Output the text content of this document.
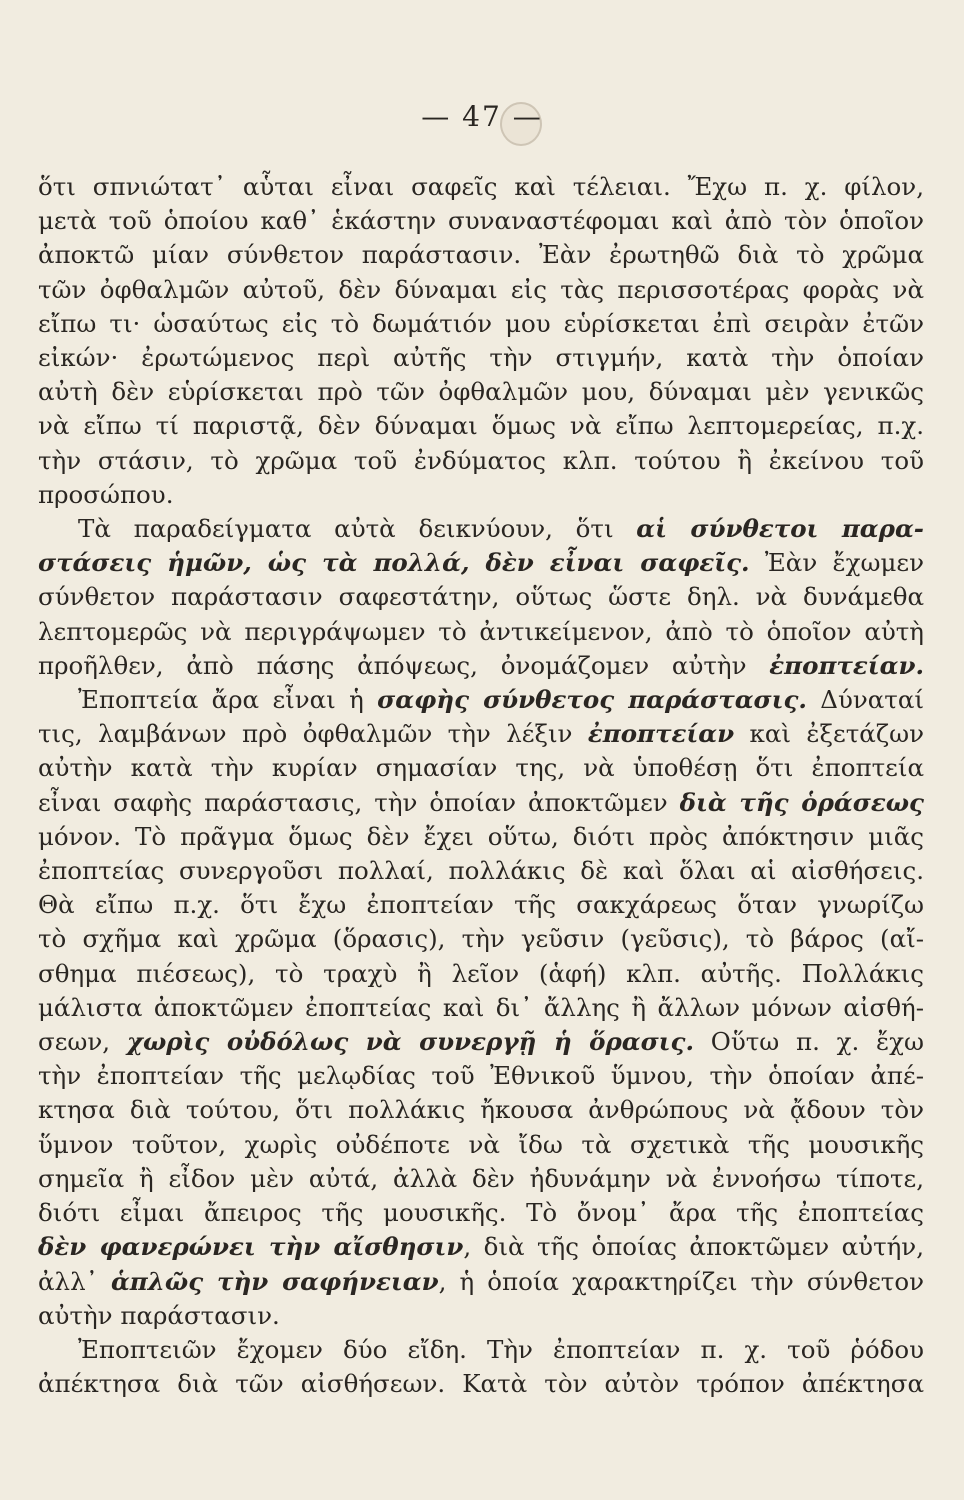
— 47 —
ὅτι σπνιώτατ᾽ αὗται εἶναι σαφεῖς καὶ τέλειαι. Ἔχω π. χ. φίλον,
μετὰ τοῦ ὁποίου καθ᾽ ἑκάστην συναναστέφομαι καὶ ἀπὸ τὸν ὁποῖον
ἀποκτῶ μίαν σύνθετον παράστασιν. Ἐὰν ἐρωτηθῶ διὰ τὸ χρῶμα
τῶν ὀφθαλμῶν αὐτοῦ, δὲν δύναμαι εἰς τὰς περισσοτέρας φορὰς νὰ
εἴπω τι· ὡσαύτως εἰς τὸ δωμάτιόν μου εὑρίσκεται ἐπὶ σειρὰν ἐτῶν
εἰκών· ἐρωτώμενος περὶ αὐτῆς τὴν στιγμήν, κατὰ τὴν ὁποίαν
αὐτὴ δὲν εὑρίσκεται πρὸ τῶν ὀφθαλμῶν μου, δύναμαι μὲν γενικῶς
νὰ εἴπω τί παριστᾷ, δὲν δύναμαι ὅμως νὰ εἴπω λεπτομερείας, π.χ.
τὴν στάσιν, τὸ χρῶμα τοῦ ἐνδύματος κλπ. τούτου ἢ ἐκείνου τοῦ
προσώπου.
Τὰ παραδείγματα αὐτὰ δεικνύουν, ὅτι αἱ σύνθετοι παρα-
στάσεις ἡμῶν, ὡς τὰ πολλά, δὲν εἶναι σαφεῖς. Ἐὰν ἔχωμεν
σύνθετον παράστασιν σαφεστάτην, οὕτως ὥστε δηλ. νὰ δυνάμεθα
λεπτομερῶς νὰ περιγράψωμεν τὸ ἀντικείμενον, ἀπὸ τὸ ὁποῖον αὐτὴ
προῆλθεν, ἀπὸ πάσης ἀπόψεως, ὀνομάζομεν αὐτὴν ἐποπτείαν.
Ἐποπτεία ἄρα εἶναι ἡ σαφὴς σύνθετος παράστασις. Δύναταί
τις, λαμβάνων πρὸ ὀφθαλμῶν τὴν λέξιν ἐποπτείαν καὶ ἐξετάζων
αὐτὴν κατὰ τὴν κυρίαν σημασίαν της, νὰ ὑποθέσῃ ὅτι ἐποπτεία
εἶναι σαφὴς παράστασις, τὴν ὁποίαν ἀποκτῶμεν διὰ τῆς ὁράσεως
μόνον. Τὸ πρᾶγμα ὅμως δὲν ἔχει οὕτω, διότι πρὸς ἀπόκτησιν μιᾶς
ἐποπτείας συνεργοῦσι πολλαί, πολλάκις δὲ καὶ ὅλαι αἱ αἰσθήσεις.
Θὰ εἴπω π.χ. ὅτι ἔχω ἐποπτείαν τῆς σακχάρεως ὅταν γνωρίζω
τὸ σχῆμα καὶ χρῶμα (ὅρασις), τὴν γεῦσιν (γεῦσις), τὸ βάρος (αἴ-
σθημα πιέσεως), τὸ τραχὺ ἢ λεῖον (ἁφή) κλπ. αὐτῆς. Πολλάκις
μάλιστα ἀποκτῶμεν ἐποπτείας καὶ δι᾽ ἄλλης ἢ ἄλλων μόνων αἰσθή-
σεων, χωρὶς οὐδόλως νὰ συνεργῇ ἡ ὅρασις. Οὕτω π. χ. ἔχω
τὴν ἐποπτείαν τῆς μελῳδίας τοῦ Ἐθνικοῦ ὕμνου, τὴν ὁποίαν ἀπέ-
κτησα διὰ τούτου, ὅτι πολλάκις ἤκουσα ἀνθρώπους νὰ ᾄδουν τὸν
ὕμνον τοῦτον, χωρὶς οὐδέποτε νὰ ἴδω τὰ σχετικὰ τῆς μουσικῆς
σημεῖα ἢ εἶδον μὲν αὐτά, ἀλλὰ δὲν ἠδυνάμην νὰ ἐννοήσω τίποτε,
διότι εἶμαι ἄπειρος τῆς μουσικῆς. Τὸ ὄνομ᾽ ἄρα τῆς ἐποπτείας
δὲν φανερώνει τὴν αἴσθησιν, διὰ τῆς ὁποίας ἀποκτῶμεν αὐτήν,
ἀλλ᾽ ἁπλῶς τὴν σαφήνειαν, ἡ ὁποία χαρακτηρίζει τὴν σύνθετον
αὐτὴν παράστασιν.
Ἐποπτειῶν ἔχομεν δύο εἴδη. Τὴν ἐποπτείαν π. χ. τοῦ ῥόδου
ἀπέκτησα διὰ τῶν αἰσθήσεων. Κατὰ τὸν αὐτὸν τρόπον ἀπέκτησα
